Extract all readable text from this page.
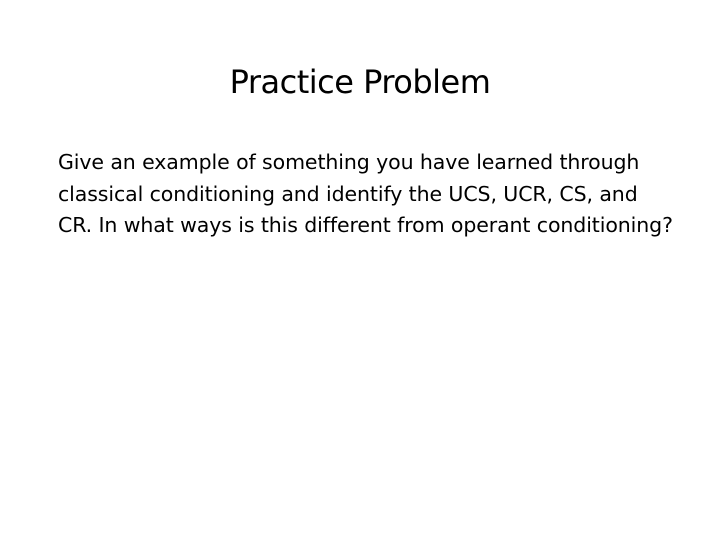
Practice Problem

Give an example of something you have learned through classical conditioning and identify the UCS, UCR, CS, and CR. In what ways is this different from operant conditioning?
